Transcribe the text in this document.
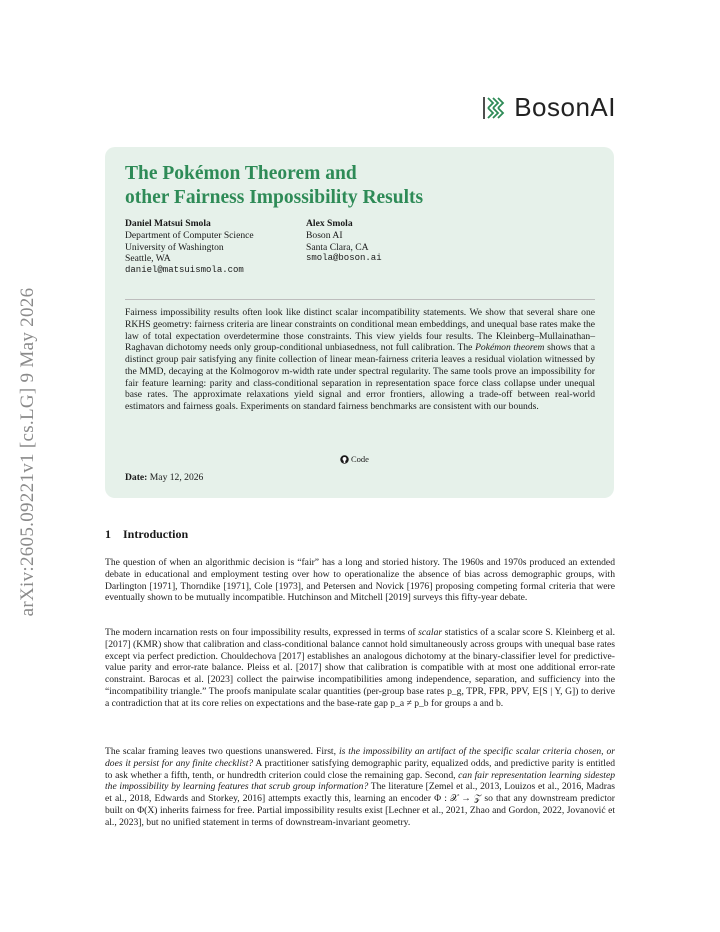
arXiv:2605.09221v1 [cs.LG] 9 May 2026
BosonAI
The Pokémon Theorem and
other Fairness Impossibility Results
Daniel Matsui Smola
Department of Computer Science
University of Washington
Seattle, WA
daniel@matsuismola.com
Alex Smola
Boson AI
Santa Clara, CA
smola@boson.ai
Fairness impossibility results often look like distinct scalar incompatibility statements. We show that several share one RKHS geometry: fairness criteria are linear constraints on conditional mean embeddings, and unequal base rates make the law of total expectation overdetermine those constraints. This view yields four results. The Kleinberg–Mullainathan–Raghavan dichotomy needs only group-conditional unbiasedness, not full calibration. The Pokémon theorem shows that a distinct group pair satisfying any finite collection of linear mean-fairness criteria leaves a residual violation witnessed by the MMD, decaying at the Kolmogorov m-width rate under spectral regularity. The same tools prove an impossibility for fair feature learning: parity and class-conditional separation in representation space force class collapse under unequal base rates. The approximate relaxations yield signal and error frontiers, allowing a trade-off between real-world estimators and fairness goals. Experiments on standard fairness benchmarks are consistent with our bounds.
Code
Date: May 12, 2026
1 Introduction
The question of when an algorithmic decision is “fair” has a long and storied history. The 1960s and 1970s produced an extended debate in educational and employment testing over how to operationalize the absence of bias across demographic groups, with Darlington [1971], Thorndike [1971], Cole [1973], and Petersen and Novick [1976] proposing competing formal criteria that were eventually shown to be mutually incompatible. Hutchinson and Mitchell [2019] surveys this fifty-year debate.
The modern incarnation rests on four impossibility results, expressed in terms of scalar statistics of a scalar score S. Kleinberg et al. [2017] (KMR) show that calibration and class-conditional balance cannot hold simultaneously across groups with unequal base rates except via perfect prediction. Chouldechova [2017] establishes an analogous dichotomy at the binary-classifier level for predictive-value parity and error-rate balance. Pleiss et al. [2017] show that calibration is compatible with at most one additional error-rate constraint. Barocas et al. [2023] collect the pairwise incompatibilities among independence, separation, and sufficiency into the “incompatibility triangle.” The proofs manipulate scalar quantities (per-group base rates p_g, TPR, FPR, PPV, 𝔼[S | Y, G]) to derive a contradiction that at its core relies on expectations and the base-rate gap p_a ≠ p_b for groups a and b.
The scalar framing leaves two questions unanswered. First, is the impossibility an artifact of the specific scalar criteria chosen, or does it persist for any finite checklist? A practitioner satisfying demographic parity, equalized odds, and predictive parity is entitled to ask whether a fifth, tenth, or hundredth criterion could close the remaining gap. Second, can fair representation learning sidestep the impossibility by learning features that scrub group information? The literature [Zemel et al., 2013, Louizos et al., 2016, Madras et al., 2018, Edwards and Storkey, 2016] attempts exactly this, learning an encoder Φ : 𝒳 → 𝒵 so that any downstream predictor built on Φ(X) inherits fairness for free. Partial impossibility results exist [Lechner et al., 2021, Zhao and Gordon, 2022, Jovanović et al., 2023], but no unified statement in terms of downstream-invariant geometry.
